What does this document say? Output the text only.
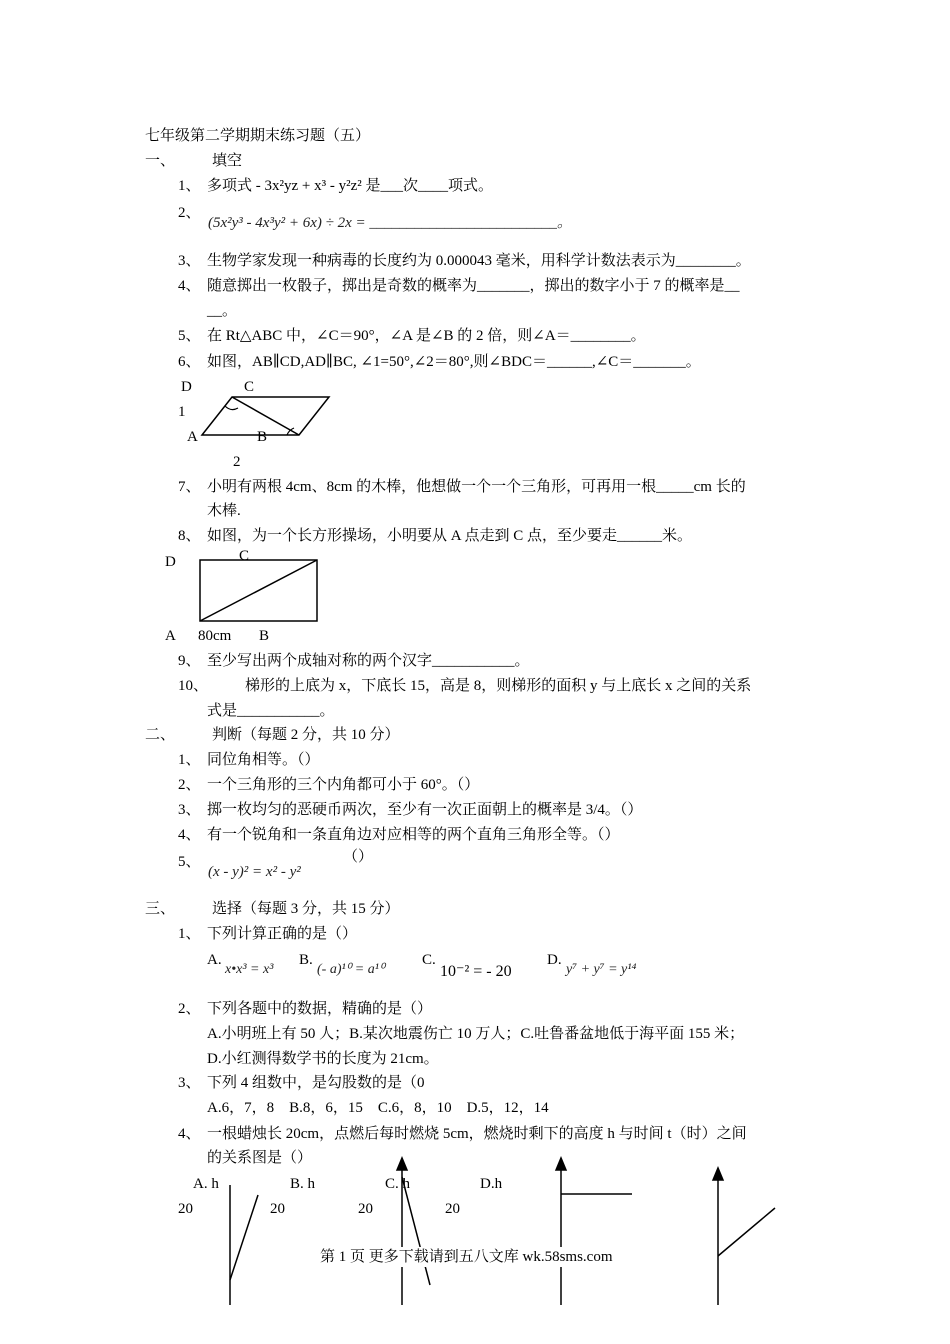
七年级第二学期期末练习题（五）
一、 填空
1、 多项式 - 3x²yz + x³ - y²z² 是___次____项式。
2、
(5x²y³ - 4x³y² + 6x) ÷ 2x = _________________________。
3、 生物学家发现一种病毒的长度约为 0.000043 毫米，用科学计数法表示为________。
4、 随意掷出一枚骰子，掷出是奇数的概率为_______，掷出的数字小于 7 的概率是__
__。
5、 在 Rt△ABC 中，∠C＝90°，∠A 是∠B 的 2 倍，则∠A＝________。
6、 如图，AB∥CD,AD∥BC, ∠1=50°,∠2＝80°,则∠BDC＝______,∠C＝_______。
D	C
1
A	B
2
7、 小明有两根 4cm、8cm 的木棒，他想做一个一个三角形，可再用一根_____cm 长的
木棒.
8、 如图，为一个长方形操场，小明要从 A 点走到 C 点，至少要走______米。
D	C
A 80cm B
9、 至少写出两个成轴对称的两个汉字___________。
10、 梯形的上底为 x，下底长 15，高是 8，则梯形的面积 y 与上底长 x 之间的关系
式是___________。
二、 判断（每题 2 分，共 10 分）
1、 同位角相等。（）
2、 一个三角形的三个内角都可小于 60°。（）
3、 掷一枚均匀的恶硬币两次，至少有一次正面朝上的概率是 3/4。（）
4、 有一个锐角和一条直角边对应相等的两个直角三角形全等。（）
5、
(x - y)² = x² - y²
（）
三、 选择（每题 3 分，共 15 分）
1、 下列计算正确的是（）
A.
x•x³ = x³
B.
(- a)¹⁰ = a¹⁰
C.
10⁻² = - 20
D.
y⁷ + y⁷ = y¹⁴
2、 下列各题中的数据，精确的是（）
A.小明班上有 50 人；B.某次地震伤亡 10 万人；C.吐鲁番盆地低于海平面 155 米；
D.小红测得数学书的长度为 21cm。
3、 下列 4 组数中，是勾股数的是（0
A.6，7，8　B.8，6，15　C.6，8，10　D.5，12，14
4、 一根蜡烛长 20cm，点燃后每时燃烧 5cm，燃烧时剩下的高度 h 与时间 t（时）之间
的关系图是（）
A. h	B. h	C. h	D.h
20	20	20	20
第 1 页 更多下载请到五八文库 wk.58sms.com
